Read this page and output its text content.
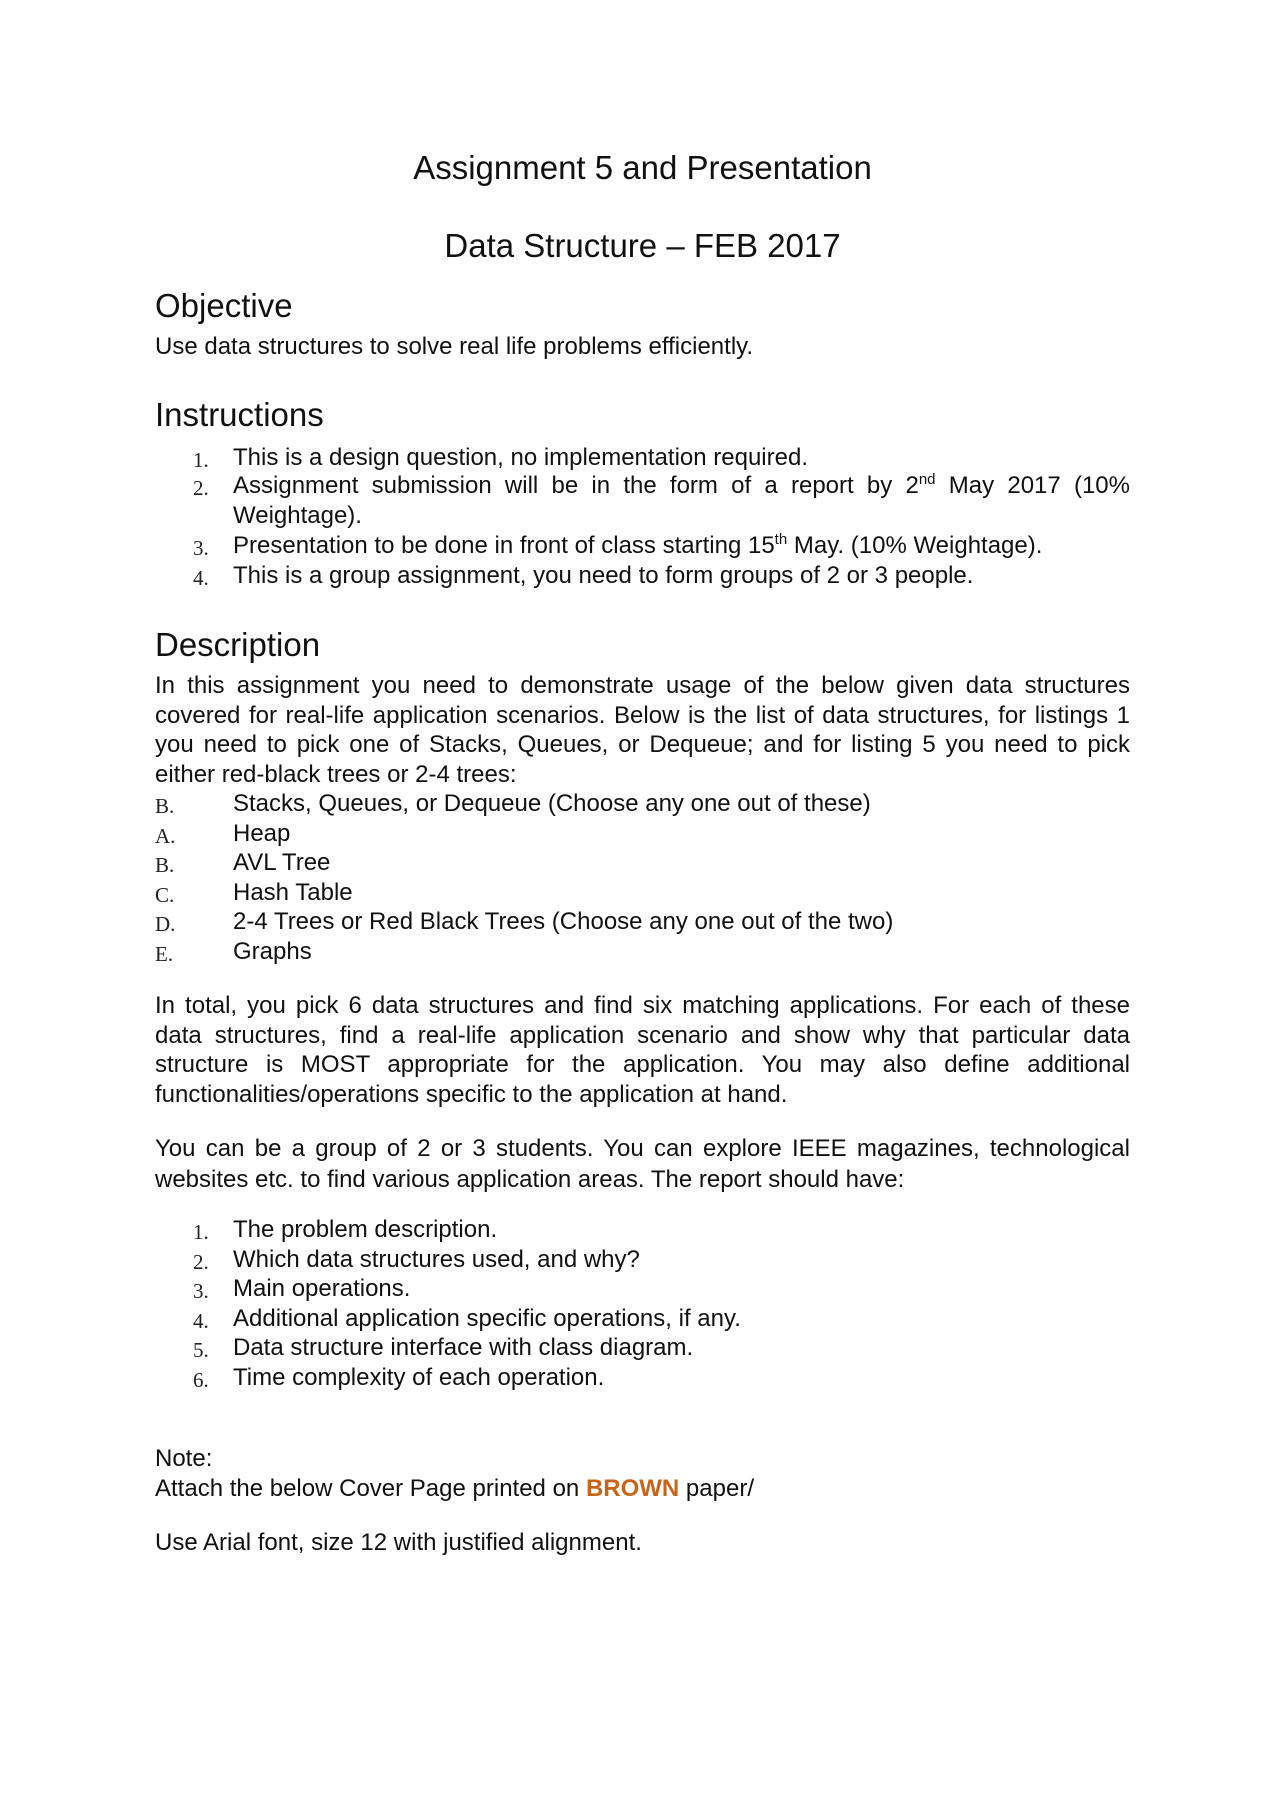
Assignment 5 and Presentation
Data Structure – FEB 2017
Objective

Use data structures to solve real life problems efficiently.

Instructions
1. This is a design question, no implementation required.
2. Assignment submission will be in the form of a report by 2nd May 2017 (10% Weightage).
3. Presentation to be done in front of class starting 15th May. (10% Weightage).
4. This is a group assignment, you need to form groups of 2 or 3 people.
Description

In this assignment you need to demonstrate usage of the below given data structures covered for real-life application scenarios. Below is the list of data structures, for listings 1 you need to pick one of Stacks, Queues, or Dequeue; and for listing 5 you need to pick either red-black trees or 2-4 trees:

B. Stacks, Queues, or Dequeue (Choose any one out of these)
A. Heap
B. AVL Tree
C. Hash Table
D. 2-4 Trees or Red Black Trees (Choose any one out of the two)
E. Graphs

In total, you pick 6 data structures and find six matching applications. For each of these data structures, find a real-life application scenario and show why that particular data structure is MOST appropriate for the application. You may also define additional functionalities/operations specific to the application at hand.

You can be a group of 2 or 3 students. You can explore IEEE magazines, technological websites etc. to find various application areas. The report should have:

1. The problem description.
2. Which data structures used, and why?
3. Main operations.
4. Additional application specific operations, if any.
5. Data structure interface with class diagram.
6. Time complexity of each operation.

Note:

Attach the below Cover Page printed on BROWN paper/

Use Arial font, size 12 with justified alignment.
